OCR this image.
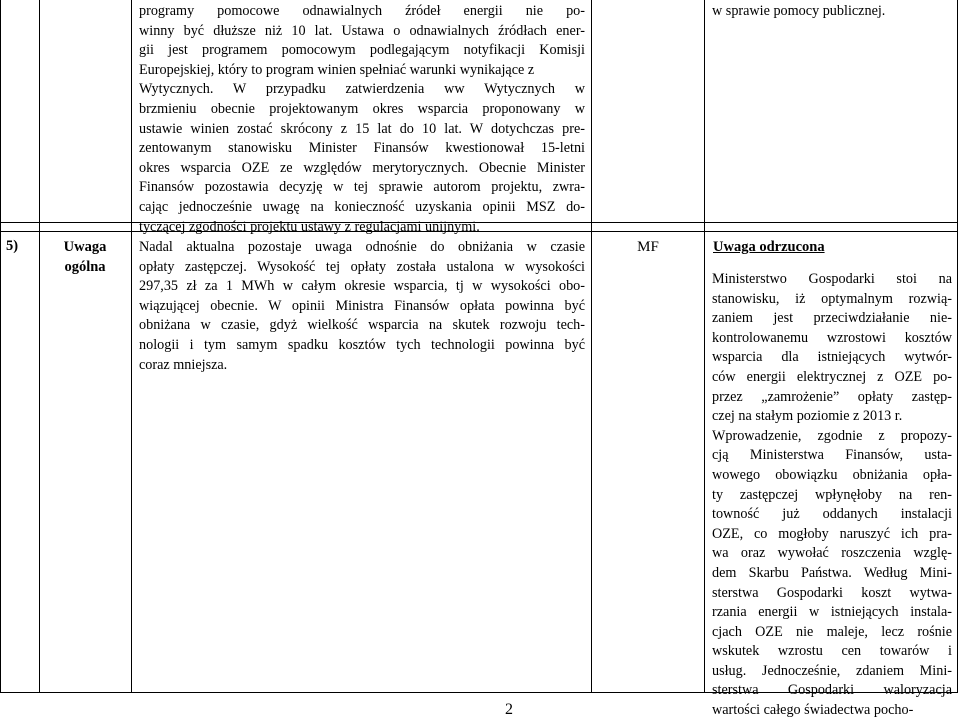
programy pomocowe odnawialnych źródeł energii nie po-
winny być dłuższe niż 10 lat. Ustawa o odnawialnych źródłach ener-
gii jest programem pomocowym podlegającym notyfikacji Komisji
Europejskiej, który to program winien spełniać warunki wynikające z
Wytycznych. W przypadku zatwierdzenia ww Wytycznych w
brzmieniu obecnie projektowanym okres wsparcia proponowany w
ustawie winien zostać skrócony z 15 lat do 10 lat. W dotychczas pre-
zentowanym stanowisku Minister Finansów kwestionował 15-letni
okres wsparcia OZE ze względów merytorycznych. Obecnie Minister
Finansów pozostawia decyzję w tej sprawie autorom projektu, zwra-
cając jednocześnie uwagę na konieczność uzyskania opinii MSZ do-
tyczącej zgodności projektu ustawy z regulacjami unijnymi.
w sprawie pomocy publicznej.
5)	Uwaga
ogólna
Nadal aktualna pozostaje uwaga odnośnie do obniżania w czasie
opłaty zastępczej. Wysokość tej opłaty została ustalona w wysokości
297,35 zł za 1 MWh w całym okresie wsparcia, tj w wysokości obo-
wiązującej obecnie. W opinii Ministra Finansów opłata powinna być
obniżana w czasie, gdyż wielkość wsparcia na skutek rozwoju tech-
nologii i tym samym spadku kosztów tych technologii powinna być
coraz mniejsza.
MF	Uwaga odrzucona
Ministerstwo Gospodarki stoi na
stanowisku, iż optymalnym rozwią-
zaniem jest przeciwdziałanie nie-
kontrolowanemu wzrostowi kosztów
wsparcia dla istniejących wytwór-
ców energii elektrycznej z OZE po-
przez „zamrożenie” opłaty zastęp-
czej na stałym poziomie z 2013 r.
Wprowadzenie, zgodnie z propozy-
cją Ministerstwa Finansów, usta-
wowego obowiązku obniżania opła-
ty zastępczej wpłynęłoby na ren-
towność już oddanych instalacji
OZE, co mogłoby naruszyć ich pra-
wa oraz wywołać roszczenia wzglę-
dem Skarbu Państwa. Według Mini-
sterstwa Gospodarki koszt wytwa-
rzania energii w istniejących instala-
cjach OZE nie maleje, lecz rośnie
wskutek wzrostu cen towarów i
usług. Jednocześnie, zdaniem Mini-
sterstwa Gospodarki waloryzacja
wartości całego świadectwa pocho-
2
